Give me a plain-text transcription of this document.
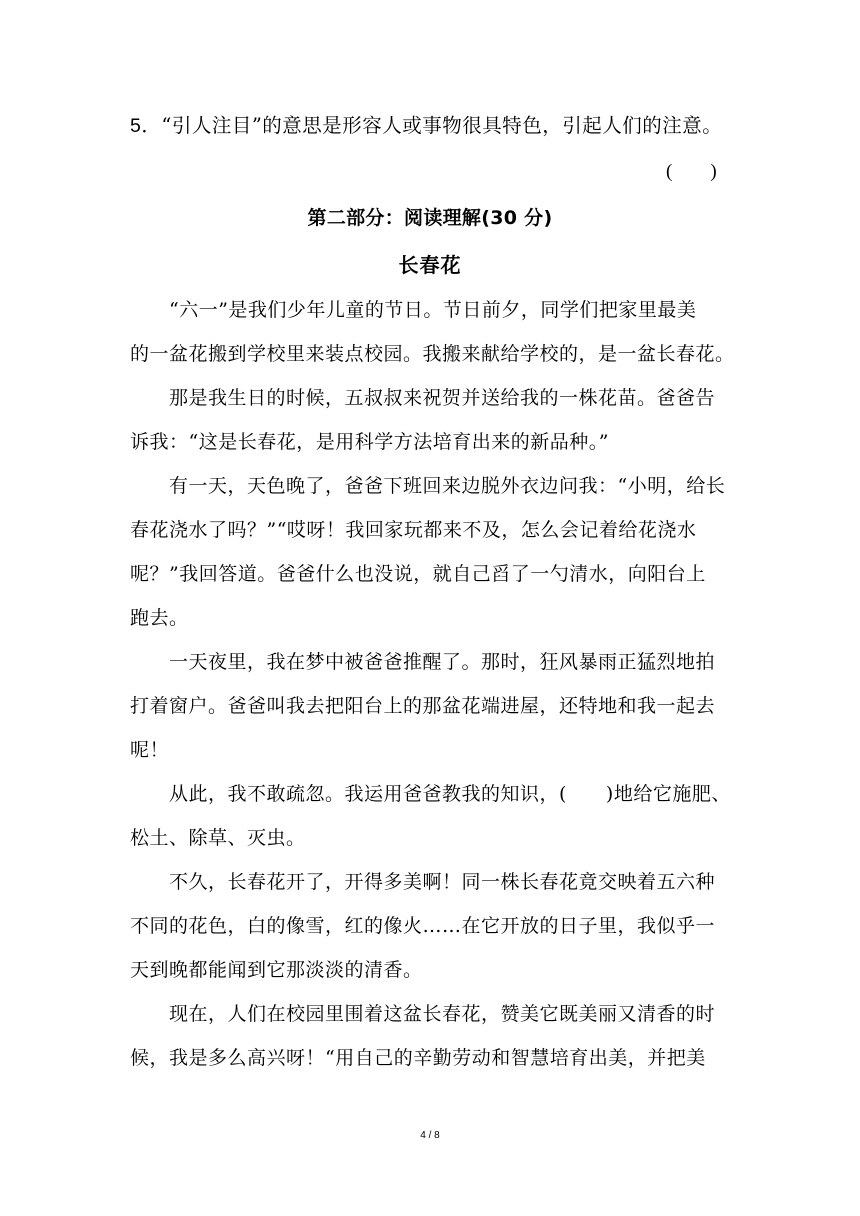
5．“引人注目”的意思是形容人或事物很具特色，引起人们的注意。
(　　)
第二部分：阅读理解(30 分)
长春花
　　“六一”是我们少年儿童的节日。节日前夕，同学们把家里最美
的一盆花搬到学校里来装点校园。我搬来献给学校的，是一盆长春花。
　　那是我生日的时候，五叔叔来祝贺并送给我的一株花苗。爸爸告
诉我：“这是长春花，是用科学方法培育出来的新品种。”
　　有一天，天色晚了，爸爸下班回来边脱外衣边问我：“小明，给长
春花浇水了吗？”“哎呀！我回家玩都来不及，怎么会记着给花浇水
呢？”我回答道。爸爸什么也没说，就自己舀了一勺清水，向阳台上
跑去。
　　一天夜里，我在梦中被爸爸推醒了。那时，狂风暴雨正猛烈地拍
打着窗户。爸爸叫我去把阳台上的那盆花端进屋，还特地和我一起去
呢！
　　从此，我不敢疏忽。我运用爸爸教我的知识，(　　)地给它施肥、
松土、除草、灭虫。
　　不久，长春花开了，开得多美啊！同一株长春花竟交映着五六种
不同的花色，白的像雪，红的像火……在它开放的日子里，我似乎一
天到晚都能闻到它那淡淡的清香。
　　现在，人们在校园里围着这盆长春花，赞美它既美丽又清香的时
候，我是多么高兴呀！“用自己的辛勤劳动和智慧培育出美，并把美
4 / 8
